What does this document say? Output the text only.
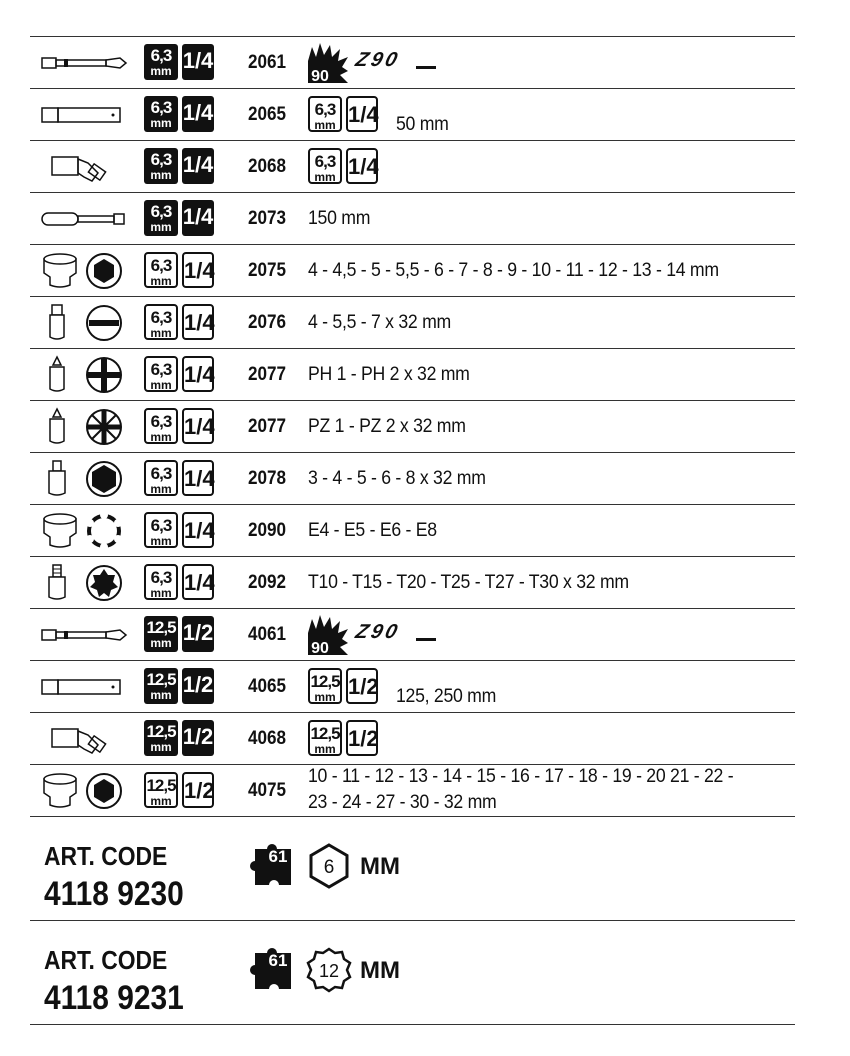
6,3
mm 1/4 2061
90
Z90
6,3
mm 1/4 2065 6,3
mm 1/4 50 mm
6,3
mm 1/4 2068 6,3
mm 1/4
6,3
mm 1/4 2073 150 mm
6,3
mm 1/4 2075 4 - 4,5 - 5 - 5,5 - 6 - 7 - 8 - 9 - 10 - 11 - 12 - 13 - 14 mm
6,3
mm 1/4 2076 4 - 5,5 - 7 x 32 mm
6,3
mm 1/4 2077 PH 1 - PH 2 x 32 mm
6,3
mm 1/4 2077 PZ 1 - PZ 2 x 32 mm
6,3
mm 1/4 2078 3 - 4 - 5 - 6 - 8 x 32 mm
6,3
mm 1/4 2090 E4 - E5 - E6 - E8
6,3
mm 1/4 2092 T10 - T15 - T20 - T25 - T27 - T30 x 32 mm
12,5
mm 1/2 4061
90
Z90
12,5
mm 1/2 4065 12,5
mm 1/2 125, 250 mm
12,5
mm 1/2 4068 12,5
mm 1/2
12,5
mm 1/2 4075
10 - 11 - 12 - 13 - 14 - 15 - 16 - 17 - 18 - 19 - 20 21 - 22 - 23 - 24 - 27 - 30 - 32 mm
ART. CODE
4118 9230
61
6 MM
ART. CODE
4118 9231
61
12 MM
